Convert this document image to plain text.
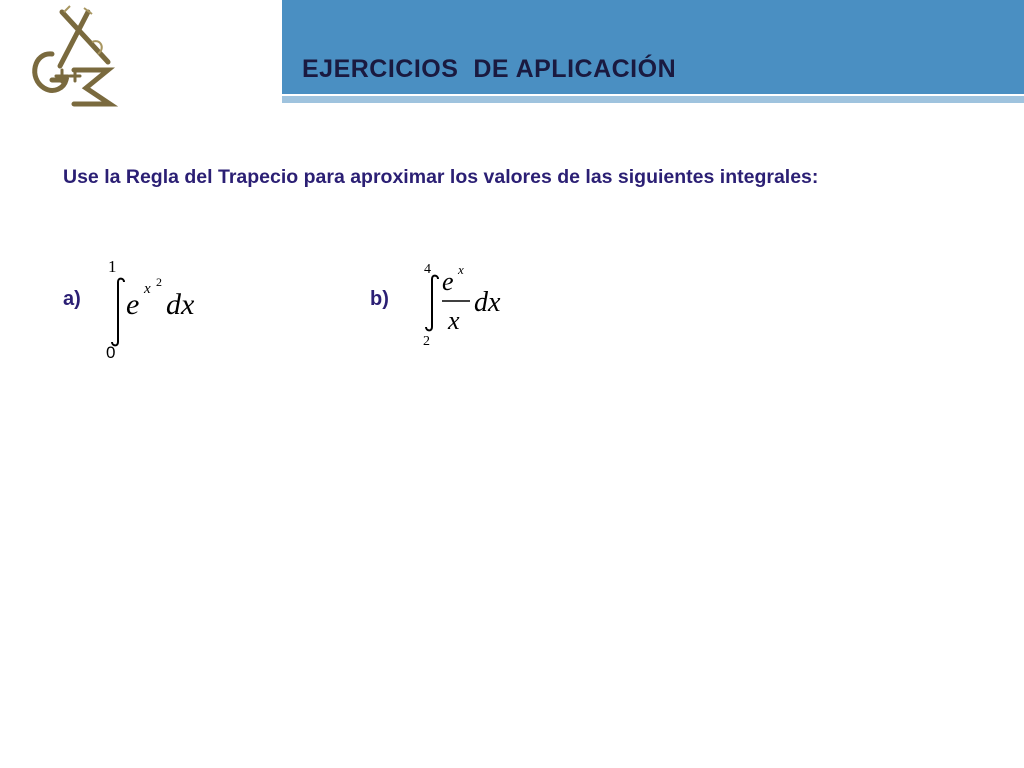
EJERCICIOS  DE APLICACIÓN
Use la Regla del Trapecio para aproximar los valores de las siguientes integrales:
a)
1
0
e x 2
dx	b)
4
2
e x
x
dx
